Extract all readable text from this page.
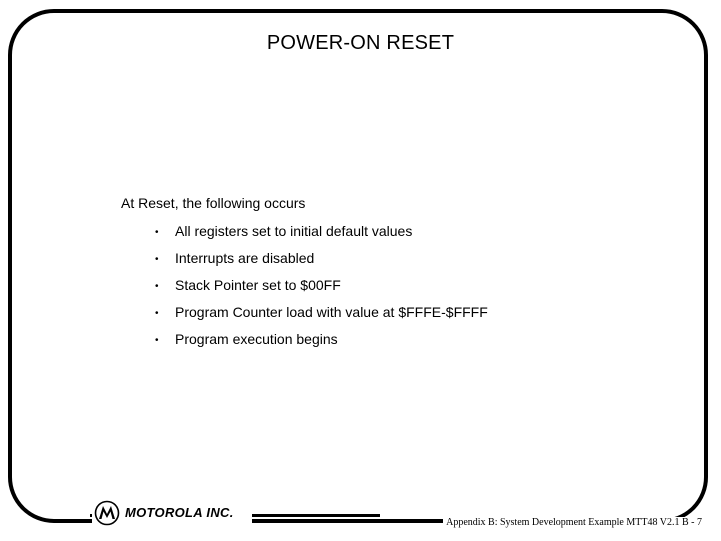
POWER-ON RESET
At Reset, the following occurs
• All registers set to initial default values
• Interrupts are disabled
• Stack Pointer set to $00FF
• Program Counter load with value at $FFFE-$FFFF
• Program execution begins
MOTOROLA INC.
Appendix B: System Development Example MTT48 V2.1 B - 7
